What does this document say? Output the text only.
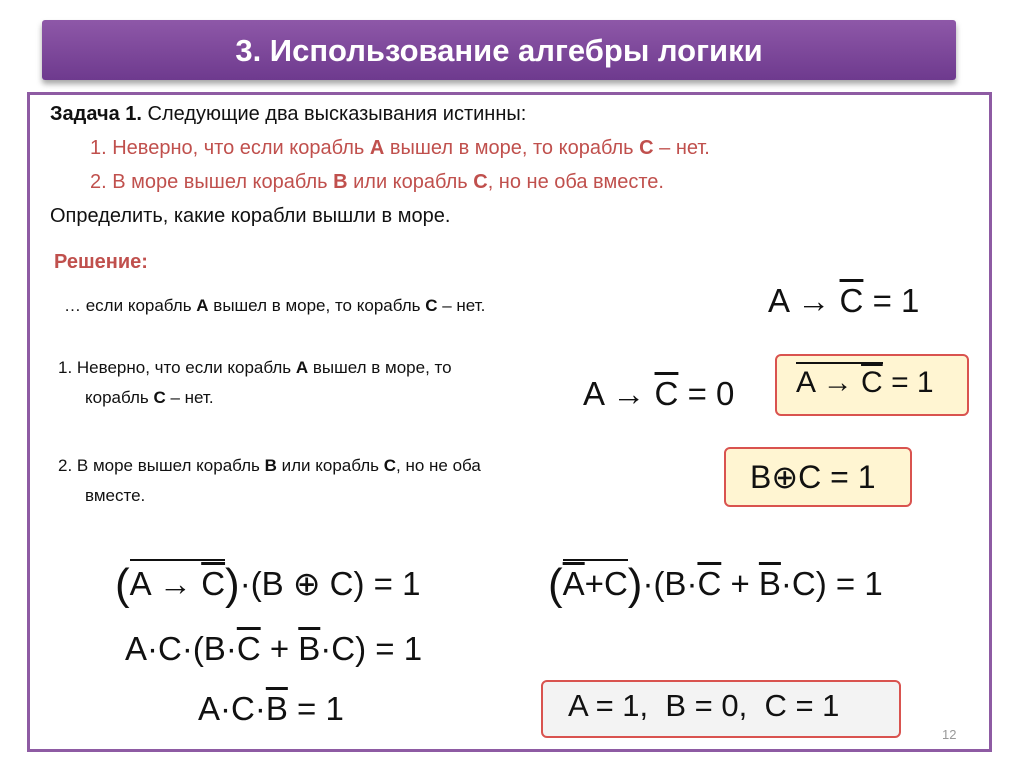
3. Использование алгебры логики
Задача 1. Следующие два высказывания истинны:
1. Неверно, что если корабль A вышел в море, то корабль C – нет.
2. В море вышел корабль B или корабль C, но не оба вместе.
Определить, какие корабли вышли в море.
Решение:
… если корабль A вышел в море, то корабль C – нет.
1. Неверно, что если корабль A вышел в море, то
корабль C – нет.
2. В море вышел корабль B или корабль C, но не оба
вместе.
$A \to \overline{C} = 1$
$A \to \overline{C} = 0$ $A \to \overline{C} = 1$
B⊕C = 1
(
$A \to \overline{C})\cdot(B$ ⊕ C) = 1	(
$\overline{A}+C)\cdot(B\cdot\overline{C} + \overline{B}\cdot C) = 1$
$A\cdot C\cdot(B\cdot\overline{C} + \overline{B}\cdot C) = 1$
$A\cdot C\cdot\overline{B} = 1$	A = 1,  B = 0,  C = 1
12
